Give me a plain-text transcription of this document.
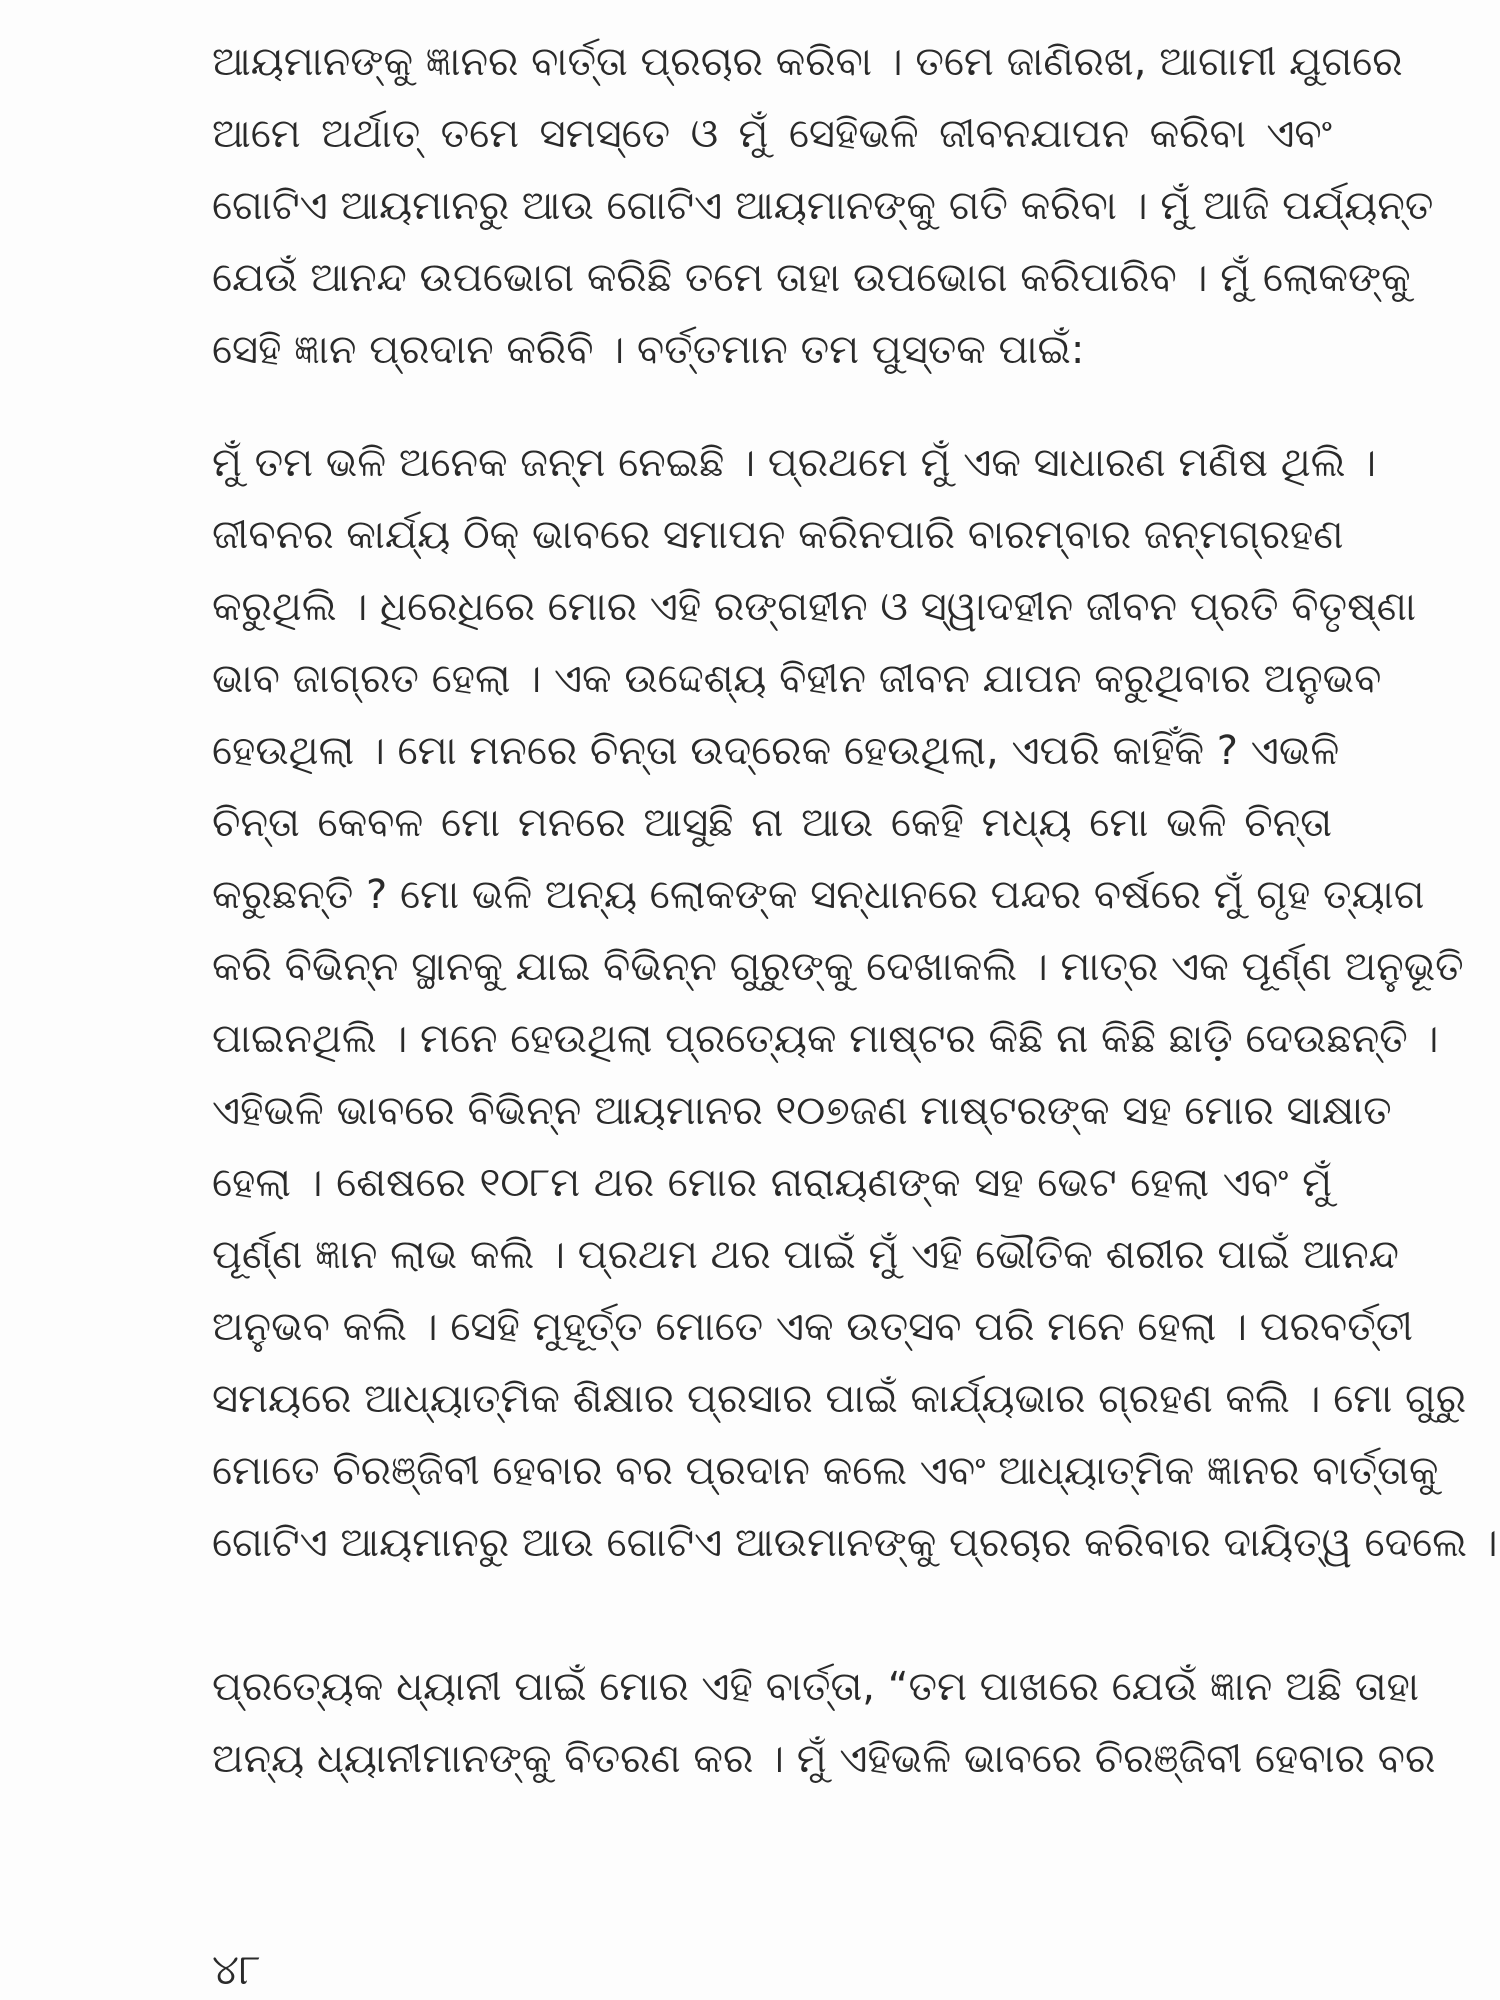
ଆୟମାନଙ୍କୁ ଜ୍ଞାନର ବାର୍ତ୍ତା ପ୍ରଚାର କରିବା । ତମେ ଜାଣିରଖ, ଆଗାମୀ ଯୁଗରେ
ଆମେ ଅର୍ଥାତ୍ ତମେ ସମସ୍ତେ ଓ ମୁଁ ସେହିଭଳି ଜୀବନଯାପନ କରିବା ଏବଂ
ଗୋଟିଏ ଆୟମାନରୁ ଆଉ ଗୋଟିଏ ଆୟମାନଙ୍କୁ ଗତି କରିବା । ମୁଁ ଆଜି ପର୍ଯ୍ୟନ୍ତ
ଯେଉଁ ଆନନ୍ଦ ଉପଭୋଗ କରିଛି ତମେ ତାହା ଉପଭୋଗ କରିପାରିବ । ମୁଁ ଲୋକଙ୍କୁ
ସେହି ଜ୍ଞାନ ପ୍ରଦାନ କରିବି । ବର୍ତ୍ତମାନ ତମ ପୁସ୍ତକ ପାଇଁ:
ମୁଁ ତମ ଭଳି ଅନେକ ଜନ୍ମ ନେଇଛି । ପ୍ରଥମେ ମୁଁ ଏକ ସାଧାରଣ ମଣିଷ ଥିଲି ।
ଜୀବନର କାର୍ଯ୍ୟ ଠିକ୍ ଭାବରେ ସମାପନ କରିନପାରି ବାରମ୍ବାର ଜନ୍ମଗ୍ରହଣ
କରୁଥିଲି । ଧିରେଧିରେ ମୋର ଏହି ରଙ୍ଗହୀନ ଓ ସ୍ୱାଦହୀନ ଜୀବନ ପ୍ରତି ବିତୃଷ୍ଣା
ଭାବ ଜାଗ୍ରତ ହେଲା । ଏକ ଉଦ୍ଦେଶ୍ୟ ବିହୀନ ଜୀବନ ଯାପନ କରୁଥିବାର ଅନୁଭବ
ହେଉଥିଲା । ମୋ ମନରେ ଚିନ୍ତା ଉଦ୍ରେକ ହେଉଥିଲା, ଏପରି କାହିଁକି ? ଏଭଳି
ଚିନ୍ତା କେବଳ ମୋ ମନରେ ଆସୁଛି ନା ଆଉ କେହି ମଧ୍ୟ ମୋ ଭଳି ଚିନ୍ତା
କରୁଛନ୍ତି ? ମୋ ଭଳି ଅନ୍ୟ ଲୋକଙ୍କ ସନ୍ଧାନରେ ପନ୍ଦର ବର୍ଷରେ ମୁଁ ଗୃହ ତ୍ୟାଗ
କରି ବିଭିନ୍ନ ସ୍ଥାନକୁ ଯାଇ ବିଭିନ୍ନ ଗୁରୁଙ୍କୁ ଦେଖାକଲି । ମାତ୍ର ଏକ ପୂର୍ଣ୍ଣ ଅନୁଭୂତି
ପାଇନଥିଲି । ମନେ ହେଉଥିଲା ପ୍ରତ୍ୟେକ ମାଷ୍ଟର କିଛି ନା କିଛି ଛାଡ଼ି ଦେଉଛନ୍ତି ।
ଏହିଭଳି ଭାବରେ ବିଭିନ୍ନ ଆୟମାନର ୧୦୭ଜଣ ମାଷ୍ଟରଙ୍କ ସହ ମୋର ସାକ୍ଷାତ
ହେଲା । ଶେଷରେ ୧୦୮ମ ଥର ମୋର ନାରାୟଣଙ୍କ ସହ ଭେଟ ହେଲା ଏବଂ ମୁଁ
ପୂର୍ଣ୍ଣ ଜ୍ଞାନ ଲାଭ କଲି । ପ୍ରଥମ ଥର ପାଇଁ ମୁଁ ଏହି ଭୌତିକ ଶରୀର ପାଇଁ ଆନନ୍ଦ
ଅନୁଭବ କଲି । ସେହି ମୁହୂର୍ତ୍ତ ମୋତେ ଏକ ଉତ୍ସବ ପରି ମନେ ହେଲା । ପରବର୍ତ୍ତୀ
ସମୟରେ ଆଧ୍ୟାତ୍ମିକ ଶିକ୍ଷାର ପ୍ରସାର ପାଇଁ କାର୍ଯ୍ୟଭାର ଗ୍ରହଣ କଲି । ମୋ ଗୁରୁ
ମୋତେ ଚିରଞ୍ଜିବୀ ହେବାର ବର ପ୍ରଦାନ କଲେ ଏବଂ ଆଧ୍ୟାତ୍ମିକ ଜ୍ଞାନର ବାର୍ତ୍ତାକୁ
ଗୋଟିଏ ଆୟମାନରୁ ଆଉ ଗୋଟିଏ ଆଉମାନଙ୍କୁ ପ୍ରଚାର କରିବାର ଦାୟିତ୍ୱ ଦେଲେ ।
ପ୍ରତ୍ୟେକ ଧ୍ୟାନୀ ପାଇଁ ମୋର ଏହି ବାର୍ତ୍ତା, “ତମ ପାଖରେ ଯେଉଁ ଜ୍ଞାନ ଅଛି ତାହା
ଅନ୍ୟ ଧ୍ୟାନୀମାନଙ୍କୁ ବିତରଣ କର । ମୁଁ ଏହିଭଳି ଭାବରେ ଚିରଞ୍ଜିବୀ ହେବାର ବର
୪୮
